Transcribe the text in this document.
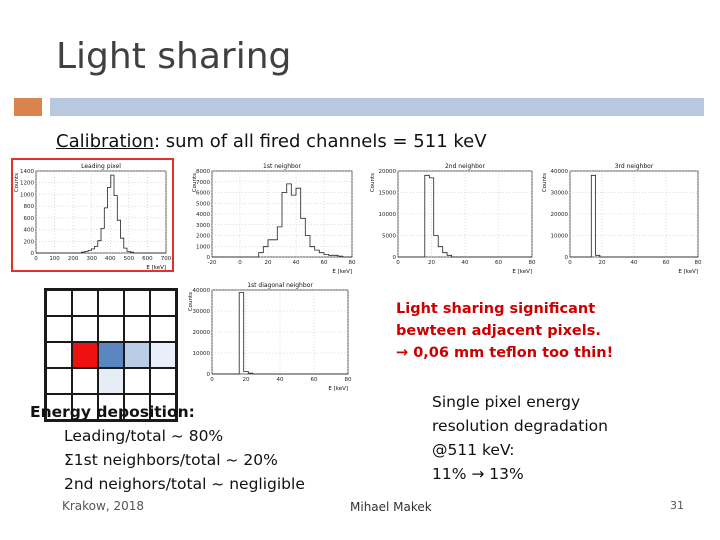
Light sharing
Calibration: sum of all fired channels = 511 keV
1400
1200
1000
800
600
400
200
0
0 100 200 300 400 500 600 700
Leading pixel
Counts
E [keV]
8000
7000
6000
5000
4000
3000
2000
1000
0
-20	0	20	40	60	80
1st neighbor
Counts
E [keV]
20000
15000
10000
5000
0
0	20	40	60	80
2nd neighbor
Counts
E [keV]
40000
30000
20000
10000
0
0	20	40	60	80
3rd neighbor
Counts
E [keV]
40000
30000
20000
10000
0
0	20	40	60	80
1st diagonal neighbor
Counts
E [keV]
Light sharing significant
bewteen adjacent pixels.
→ 0,06 mm teflon too thin!
Single pixel energy
resolution degradation
@511 keV:
11% → 13%
Energy deposition:
Leading/total ~ 80%
Σ1st neighbors/total ~ 20%
2nd neighors/total ~ negligible
Krakow, 2018	Mihael Makek	31
